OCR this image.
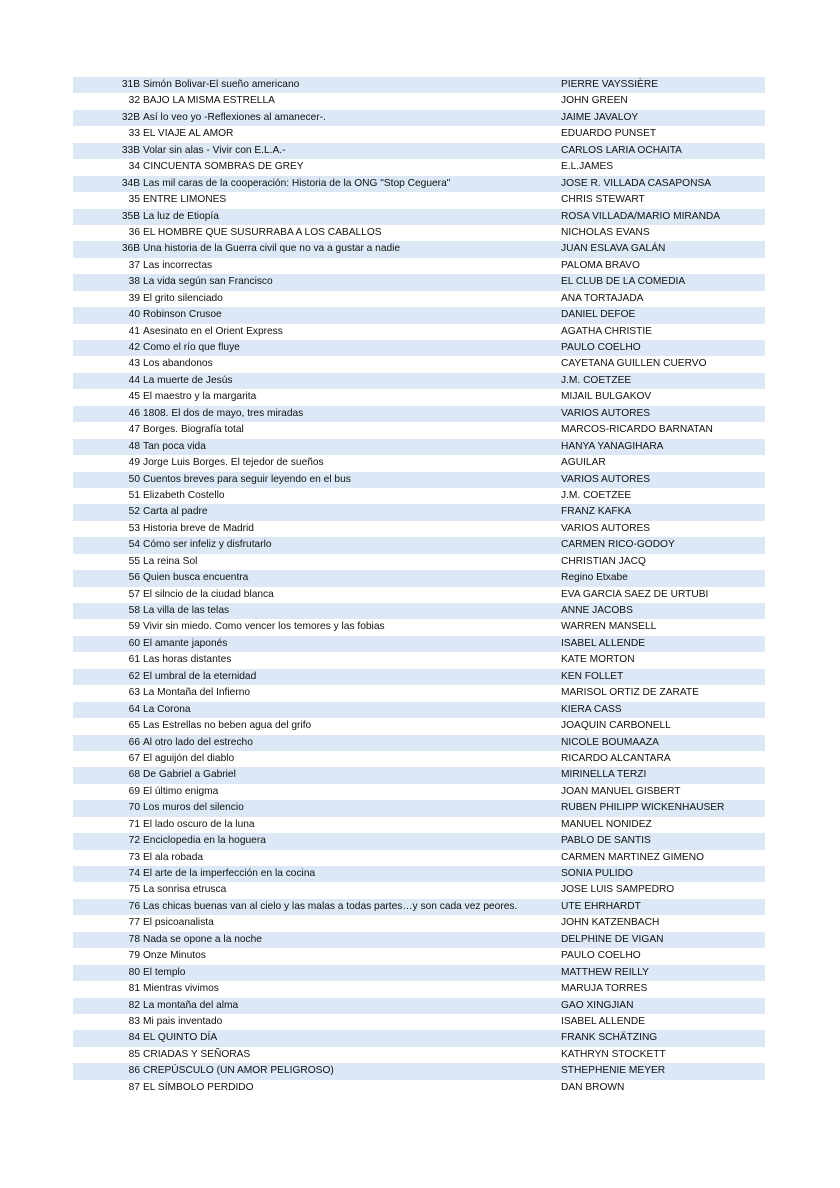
31B Simón Bolivar-El sueño americano	PIERRE VAYSSIÈRE
32 BAJO LA MISMA ESTRELLA	JOHN GREEN
32B Así lo veo yo -Reflexiones al amanecer-.	JAIME JAVALOY
33 EL VIAJE AL AMOR	EDUARDO PUNSET
33B Volar sin alas - Vivir con E.L.A.-	CARLOS LARIA OCHAITA
34 CINCUENTA SOMBRAS DE GREY	E.L.JAMES
34B Las mil caras de la cooperación: Historia de la ONG "Stop Ceguera"	JOSE R. VILLADA CASAPONSA
35 ENTRE LIMONES	CHRIS STEWART
35B La luz de Etiopía	ROSA VILLADA/MARIO MIRANDA
36 EL HOMBRE QUE SUSURRABA A LOS CABALLOS	NICHOLAS EVANS
36B Una historia de la Guerra civil que no va a gustar a nadie	JUAN ESLAVA GALÁN
37 Las incorrectas	PALOMA BRAVO
38 La vida según san Francisco	EL CLUB DE LA COMEDIA
39 El grito silenciado	ANA TORTAJADA
40 Robinson Crusoe	DANIEL DEFOE
41 Asesinato en el Orient Express	AGATHA CHRISTIE
42 Como el río que fluye	PAULO COELHO
43 Los abandonos	CAYETANA GUILLEN CUERVO
44 La muerte de Jesús	J.M. COETZEE
45 El maestro y la margarita	MIJAIL BULGAKOV
46 1808. El dos de mayo, tres miradas	VARIOS AUTORES
47 Borges. Biografía total	MARCOS-RICARDO BARNATAN
48 Tan poca vida	HANYA YANAGIHARA
49 Jorge Luis Borges. El tejedor de sueños	AGUILAR
50 Cuentos breves para seguir leyendo en el bus	VARIOS AUTORES
51 Elizabeth Costello	J.M. COETZEE
52 Carta al padre	FRANZ KAFKA
53 Historia breve de Madrid	VARIOS AUTORES
54 Cómo ser infeliz y disfrutarlo	CARMEN RICO-GODOY
55 La reina Sol	CHRISTIAN JACQ
56 Quien busca encuentra	Regino Etxabe
57 El silncio de la ciudad blanca	EVA GARCIA SAEZ DE URTUBI
58 La villa de las telas	ANNE JACOBS
59 Vivir sin miedo. Como vencer los temores y las fobias	WARREN MANSELL
60 El amante japonés	ISABEL ALLENDE
61 Las horas distantes	KATE MORTON
62 El umbral de la eternidad	KEN FOLLET
63 La Montaña del Infierno	MARISOL ORTIZ DE ZARATE
64 La Corona	KIERA CASS
65 Las Estrellas no beben agua del grifo	JOAQUIN CARBONELL
66 Al otro lado del estrecho	NICOLE BOUMAAZA
67 El aguijón del diablo	RICARDO ALCANTARA
68 De Gabriel a Gabriel	MIRINELLA TERZI
69 El último enigma	JOAN MANUEL GISBERT
70 Los muros del silencio	RUBEN PHILIPP WICKENHAUSER
71 El lado oscuro de la luna	MANUEL NONIDEZ
72 Enciclopedia en la hoguera	PABLO DE SANTIS
73 El ala robada	CARMEN MARTINEZ GIMENO
74 El arte de la imperfección en la cocina	SONIA PULIDO
75 La sonrisa etrusca	JOSE LUIS SAMPEDRO
76 Las chicas buenas van al cielo y las malas a todas partes…y son cada vez peores.	UTE EHRHARDT
77 El psicoanalista	JOHN KATZENBACH
78 Nada se opone a la noche	DELPHINE DE VIGAN
79 Onze Minutos	PAULO COELHO
80 El templo	MATTHEW REILLY
81 Mientras vivimos	MARUJA TORRES
82 La montaña del alma	GAO XINGJIAN
83 Mi pais inventado	ISABEL ALLENDE
84 EL QUINTO DÍA	FRANK SCHÄTZING
85 CRIADAS Y SEÑORAS	KATHRYN STOCKETT
86 CREPÚSCULO (UN AMOR PELIGROSO)	STHEPHENIE MEYER
87 EL SÍMBOLO PERDIDO	DAN BROWN
